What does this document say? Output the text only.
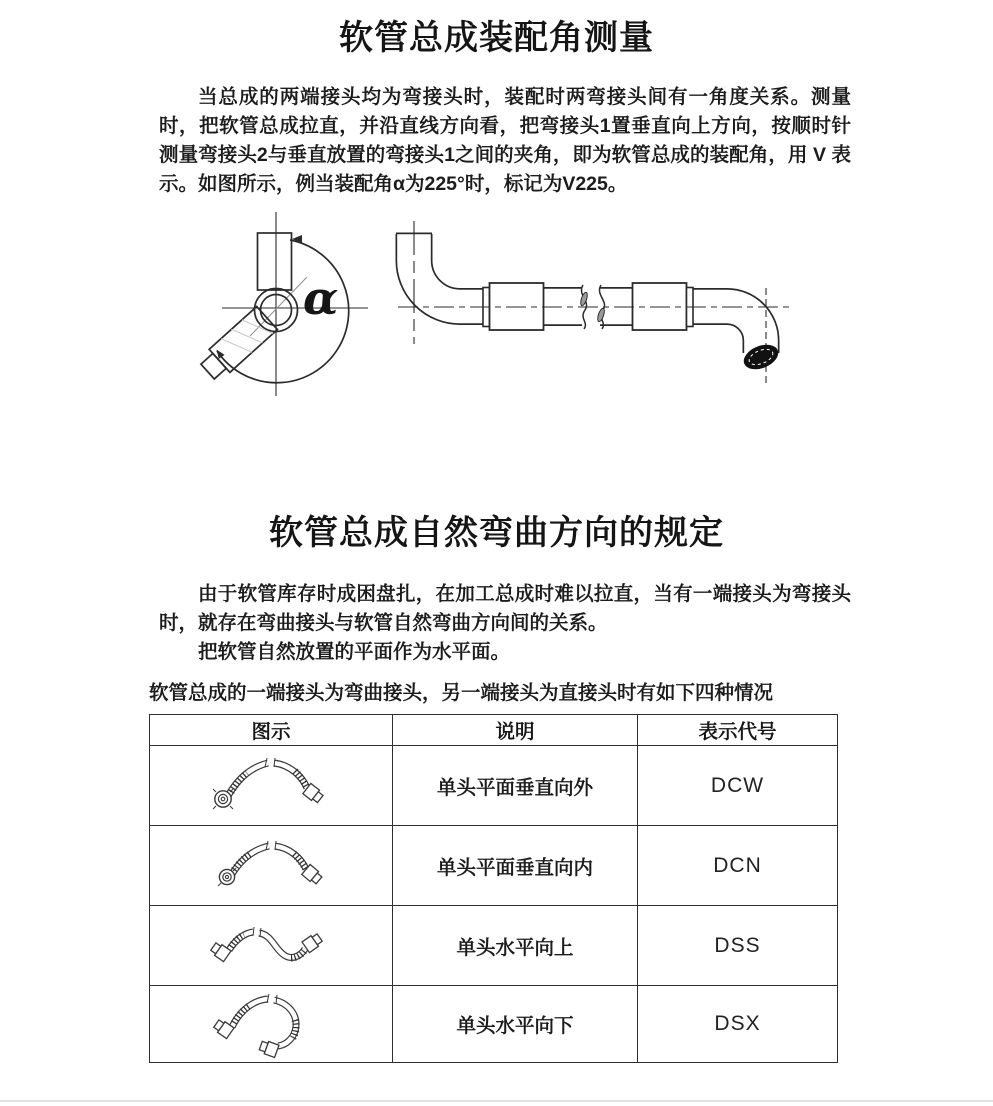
软管总成装配角测量

当总成的两端接头均为弯接头时，装配时两弯接头间有一角度关系。测量时，把软管总成拉直，并沿直线方向看，把弯接头1置垂直向上方向，按顺时针测量弯接头2与垂直放置的弯接头1之间的夹角，即为软管总成的装配角，用 V 表示。如图所示，例当装配角α为225°时，标记为V225。

α
软管总成自然弯曲方向的规定

由于软管库存时成困盘扎，在加工总成时难以拉直，当有一端接头为弯接头时，就存在弯曲接头与软管自然弯曲方向间的关系。

把软管自然放置的平面作为水平面。

软管总成的一端接头为弯曲接头，另一端接头为直接头时有如下四种情况
图示	说明	表示代号

	单头平面垂直向外	DCW

	单头平面垂直向内	DCN

	单头水平向上	DSS

	单头水平向下	DSX
